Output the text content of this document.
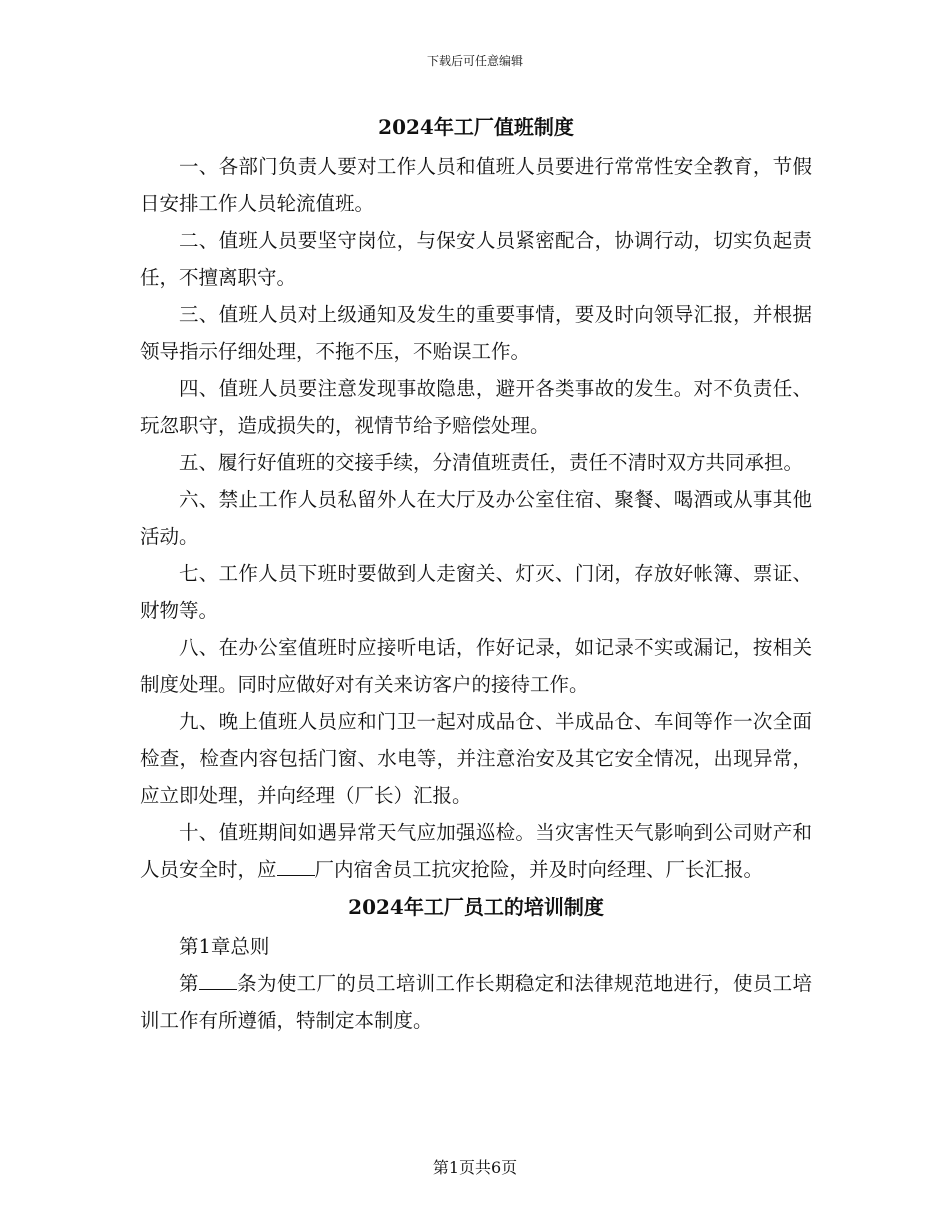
下载后可任意编辑
2024年工厂值班制度

一、各部门负责人要对工作人员和值班人员要进行常常性安全教育，节假日安排工作人员轮流值班。

二、值班人员要坚守岗位，与保安人员紧密配合，协调行动，切实负起责任，不擅离职守。

三、值班人员对上级通知及发生的重要事情，要及时向领导汇报，并根据领导指示仔细处理，不拖不压，不贻误工作。

四、值班人员要注意发现事故隐患，避开各类事故的发生。对不负责任、玩忽职守，造成损失的，视情节给予赔偿处理。

五、履行好值班的交接手续，分清值班责任，责任不清时双方共同承担。

六、禁止工作人员私留外人在大厅及办公室住宿、聚餐、喝酒或从事其他活动。

七、工作人员下班时要做到人走窗关、灯灭、门闭，存放好帐簿、票证、财物等。

八、在办公室值班时应接听电话，作好记录，如记录不实或漏记，按相关制度处理。同时应做好对有关来访客户的接待工作。

九、晚上值班人员应和门卫一起对成品仓、半成品仓、车间等作一次全面检查，检查内容包括门窗、水电等，并注意治安及其它安全情况，出现异常，应立即处理，并向经理（厂长）汇报。

十、值班期间如遇异常天气应加强巡检。当灾害性天气影响到公司财产和人员安全时，应 厂内宿舍员工抗灾抢险，并及时向经理、厂长汇报。

2024年工厂员工的培训制度

第1章总则

第 条为使工厂的员工培训工作长期稳定和法律规范地进行，使员工培训工作有所遵循，特制定本制度。

第1页共6页
